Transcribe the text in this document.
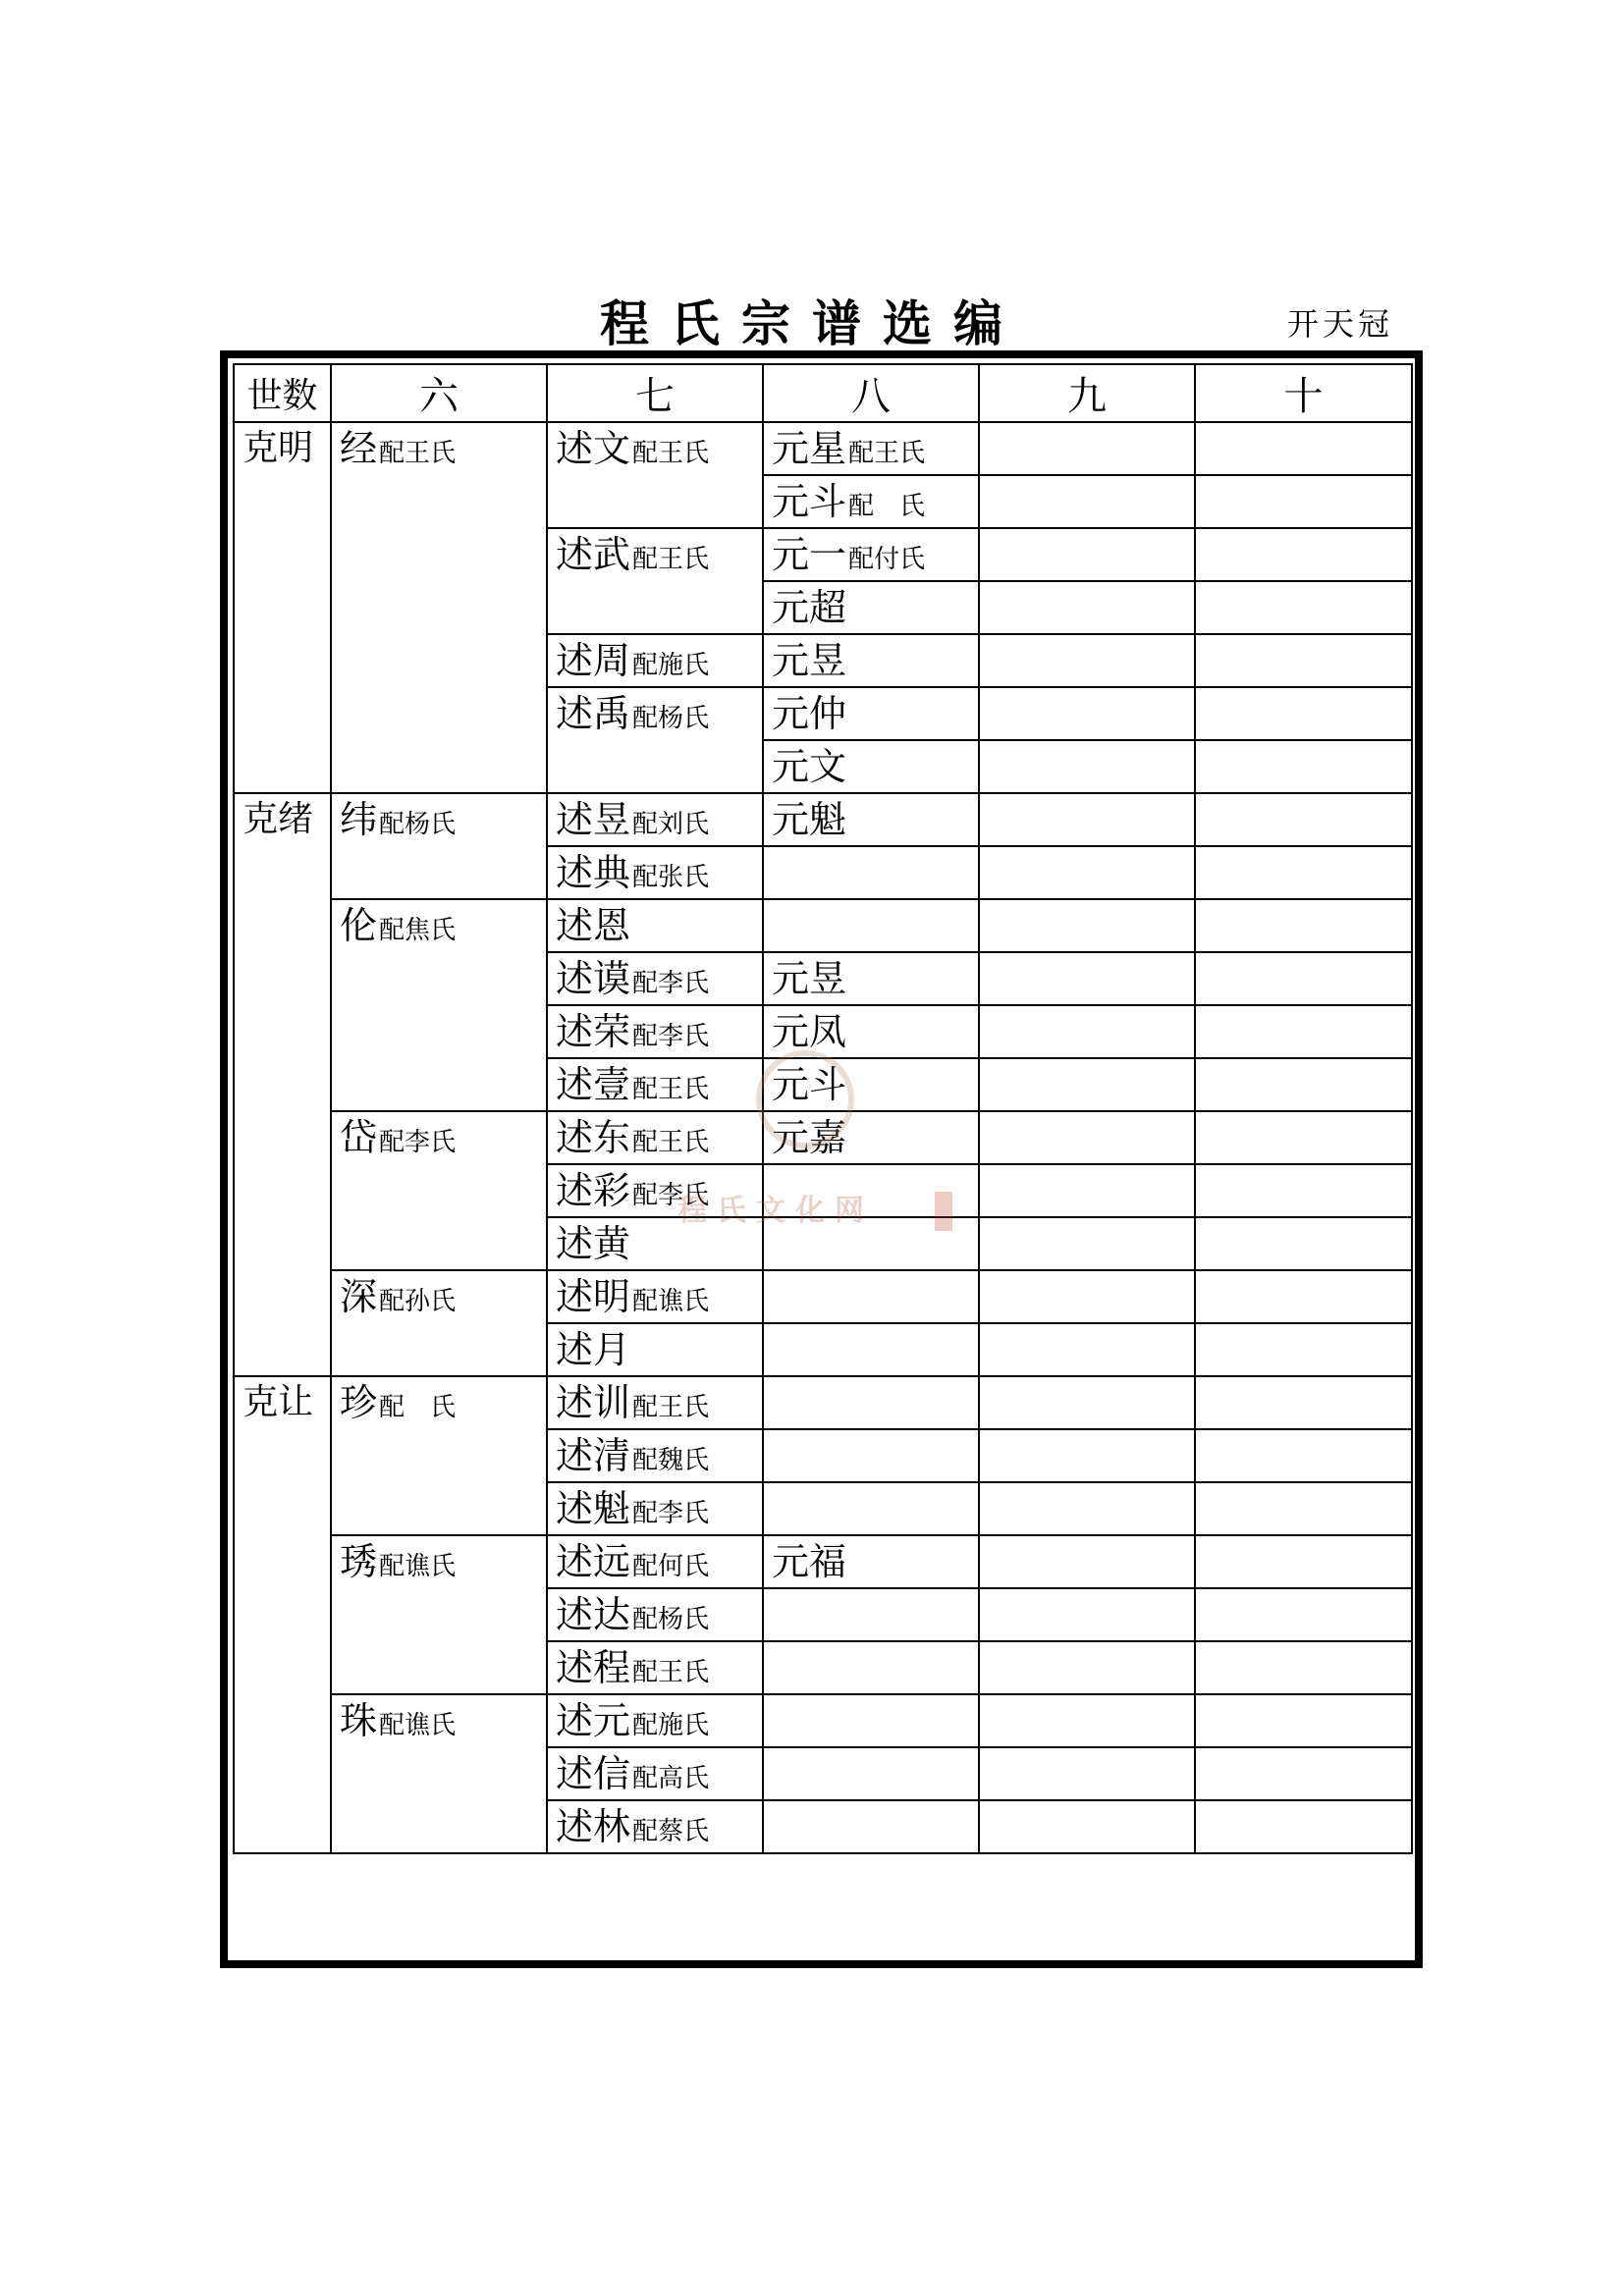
程氏宗谱选编	开天冠
世数	六	七	八	九	十
克明	经配王氏	述文配王氏	元星配王氏		
			元斗配　氏		
		述武配王氏	元一配付氏		
			元超		
		述周配施氏	元昱		
		述禹配杨氏	元仲		
			元文		
克绪	纬配杨氏	述昱配刘氏	元魁		
		述典配张氏			
	伦配焦氏	述恩			
		述谟配李氏	元昱		
		述荣配李氏	元凤		
		述壹配王氏	元斗		
	岱配李氏	述东配王氏	元嘉		
		述彩配李氏			
		述黄			
	深配孙氏	述明配谯氏			
		述月			
克让	珍配　氏	述训配王氏			
		述清配魏氏			
		述魁配李氏			
	琇配谯氏	述远配何氏	元福		
		述达配杨氏			
		述程配王氏			
	珠配谯氏	述元配施氏			
		述信配高氏			
		述林配蔡氏			
程氏文化网
